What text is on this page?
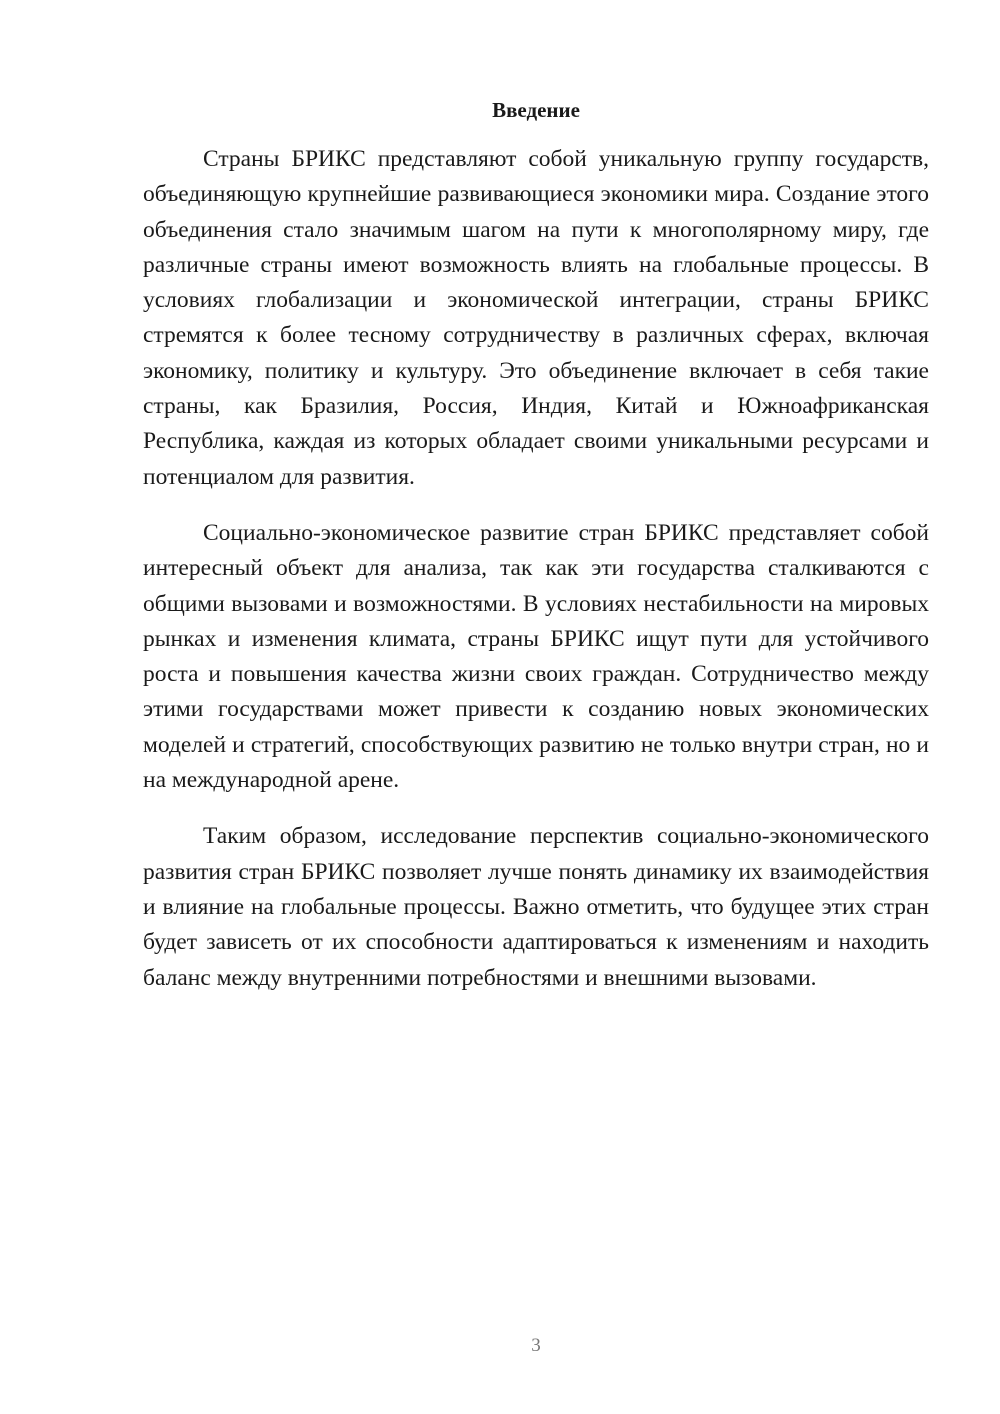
Введение

Страны БРИКС представляют собой уникальную группу государств, объединяющую крупнейшие развивающиеся экономики мира. Создание этого объединения стало значимым шагом на пути к многополярному миру, где различные страны имеют возможность влиять на глобальные процессы. В условиях глобализации и экономической интеграции, страны БРИКС стремятся к более тесному сотрудничеству в различных сферах, включая экономику, политику и культуру. Это объединение включает в себя такие страны, как Бразилия, Россия, Индия, Китай и Южноафриканская Республика, каждая из которых обладает своими уникальными ресурсами и потенциалом для развития.

Социально-экономическое развитие стран БРИКС представляет собой интересный объект для анализа, так как эти государства сталкиваются с общими вызовами и возможностями. В условиях нестабильности на мировых рынках и изменения климата, страны БРИКС ищут пути для устойчивого роста и повышения качества жизни своих граждан. Сотрудничество между этими государствами может привести к созданию новых экономических моделей и стратегий, способствующих развитию не только внутри стран, но и на международной арене.

Таким образом, исследование перспектив социально-экономического развития стран БРИКС позволяет лучше понять динамику их взаимодействия и влияние на глобальные процессы. Важно отметить, что будущее этих стран будет зависеть от их способности адаптироваться к изменениям и находить баланс между внутренними потребностями и внешними вызовами.

3
